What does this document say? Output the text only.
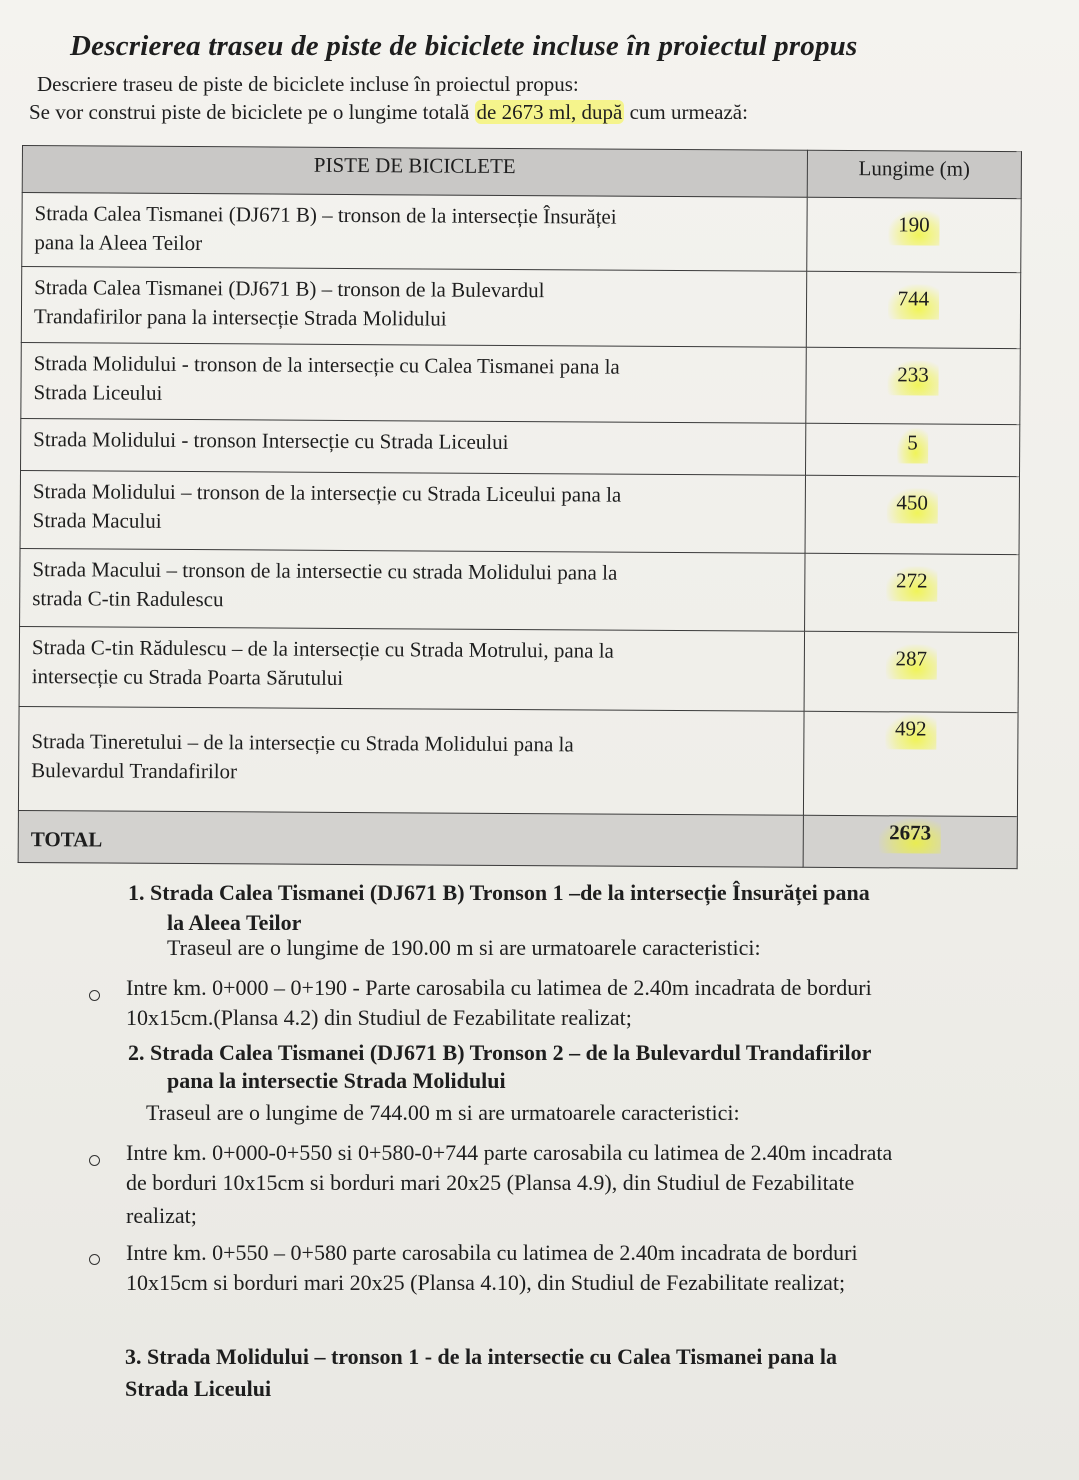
Descrierea traseu de piste de biciclete incluse în proiectul propus
Descriere traseu de piste de biciclete incluse în proiectul propus:
Se vor construi piste de biciclete pe o lungime totală de 2673 ml, după cum urmează:
PISTE DE BICICLETE	Lungime (m)
Strada Calea Tismanei (DJ671 B) – tronson de la intersecție Însurăței
pana la Aleea Teilor	190
Strada Calea Tismanei (DJ671 B) – tronson de la Bulevardul
Trandafirilor pana la intersecție Strada Molidului	744
Strada Molidului - tronson de la intersecție cu Calea Tismanei pana la
Strada Liceului	233
Strada Molidului - tronson Intersecție cu Strada Liceului	5
Strada Molidului – tronson de la intersecție cu Strada Liceului pana la
Strada Macului	450
Strada Macului – tronson de la intersectie cu strada Molidului pana la
strada C-tin Radulescu	272
Strada C-tin Rădulescu – de la intersecție cu Strada Motrului, pana la
intersecție cu Strada Poarta Sărutului	287
Strada Tineretului – de la intersecție cu Strada Molidului pana la
Bulevardul Trandafirilor	492
TOTAL	2673
1. Strada Calea Tismanei (DJ671 B) Tronson 1 –de la intersecție Însurăței pana
la Aleea Teilor
Traseul are o lungime de 190.00 m si are urmatoarele caracteristici:
Intre km. 0+000 – 0+190 - Parte carosabila cu latimea de 2.40m incadrata de borduri
10x15cm.(Plansa 4.2) din Studiul de Fezabilitate realizat;
2. Strada Calea Tismanei (DJ671 B) Tronson 2 – de la Bulevardul Trandafirilor
pana la intersectie Strada Molidului
Traseul are o lungime de 744.00 m si are urmatoarele caracteristici:
Intre km. 0+000-0+550 si 0+580-0+744 parte carosabila cu latimea de 2.40m incadrata
de borduri 10x15cm si borduri mari 20x25 (Plansa 4.9), din Studiul de Fezabilitate
realizat;
Intre km. 0+550 – 0+580 parte carosabila cu latimea de 2.40m incadrata de borduri
10x15cm si borduri mari 20x25 (Plansa 4.10), din Studiul de Fezabilitate realizat;
3. Strada Molidului – tronson 1 - de la intersectie cu Calea Tismanei pana la
Strada Liceului
